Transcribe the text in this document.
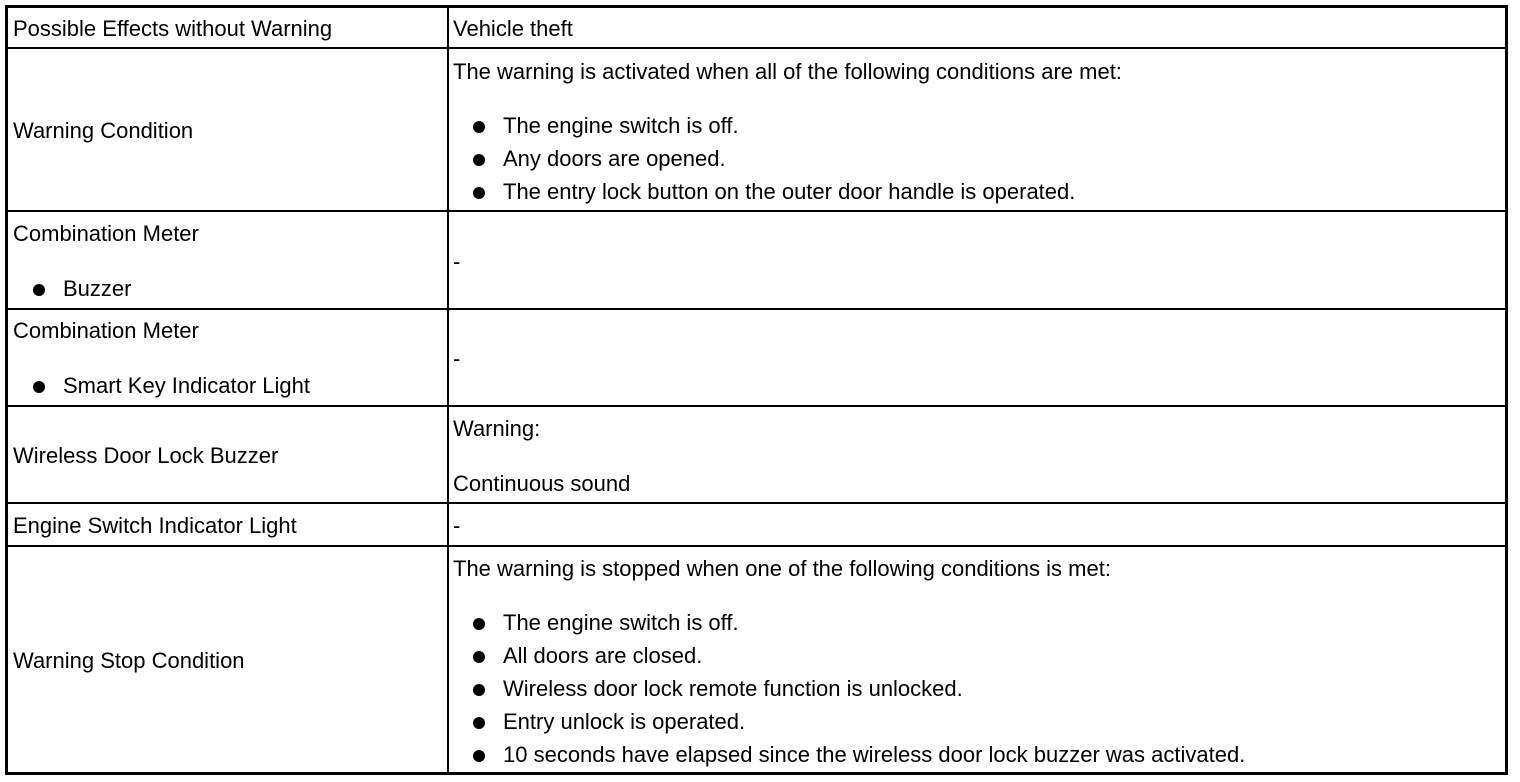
Possible Effects without Warning	Vehicle theft
Warning Condition
The warning is activated when all of the following conditions are met:
The engine switch is off.
Any doors are opened.
The entry lock button on the outer door handle is operated.
Combination Meter
Buzzer
-
Combination Meter
Smart Key Indicator Light
-
Wireless Door Lock Buzzer
Warning:
Continuous sound
Engine Switch Indicator Light	-
Warning Stop Condition
The warning is stopped when one of the following conditions is met:
The engine switch is off.
All doors are closed.
Wireless door lock remote function is unlocked.
Entry unlock is operated.
10 seconds have elapsed since the wireless door lock buzzer was activated.
